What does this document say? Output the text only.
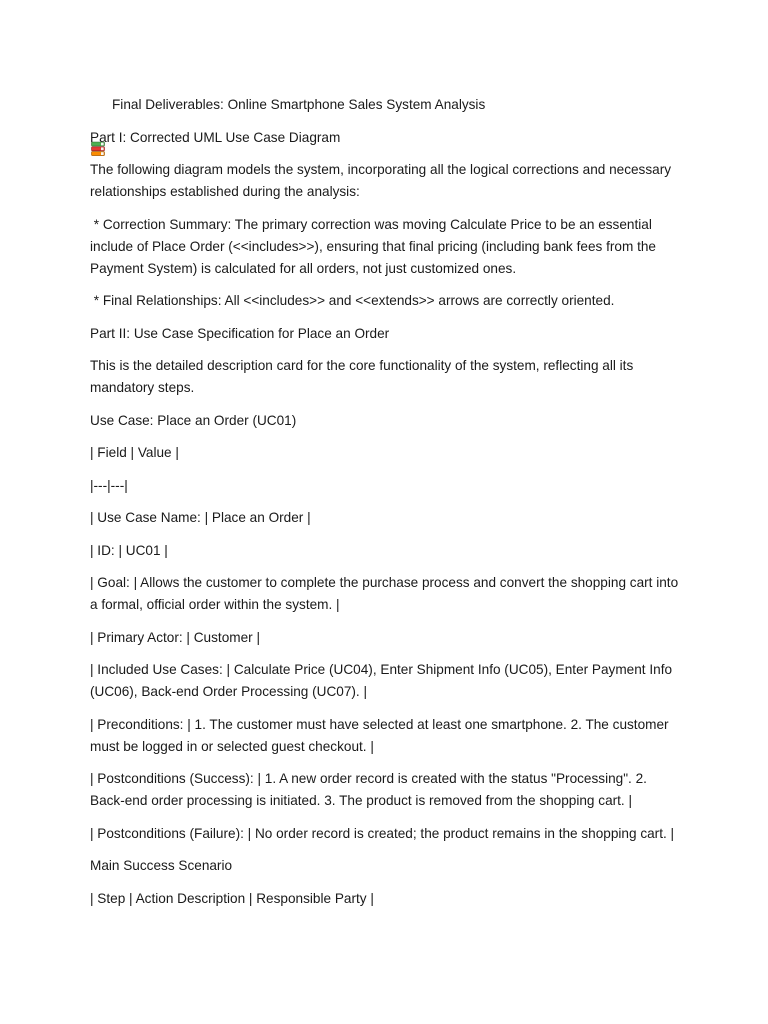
Final Deliverables: Online Smartphone Sales System Analysis

Part I: Corrected UML Use Case Diagram

The following diagram models the system, incorporating all the logical corrections and necessary relationships established during the analysis:

* Correction Summary: The primary correction was moving Calculate Price to be an essential include of Place Order (<<includes>>), ensuring that final pricing (including bank fees from the Payment System) is calculated for all orders, not just customized ones.

* Final Relationships: All <<includes>> and <<extends>> arrows are correctly oriented.

Part II: Use Case Specification for Place an Order

This is the detailed description card for the core functionality of the system, reflecting all its mandatory steps.

Use Case: Place an Order (UC01)

| Field | Value |

|---|---|

| Use Case Name: | Place an Order |

| ID: | UC01 |

| Goal: | Allows the customer to complete the purchase process and convert the shopping cart into a formal, official order within the system. |

| Primary Actor: | Customer |

| Included Use Cases: | Calculate Price (UC04), Enter Shipment Info (UC05), Enter Payment Info (UC06), Back-end Order Processing (UC07). |

| Preconditions: | 1. The customer must have selected at least one smartphone. 2. The customer must be logged in or selected guest checkout. |

| Postconditions (Success): | 1. A new order record is created with the status "Processing". 2. Back-end order processing is initiated. 3. The product is removed from the shopping cart. |

| Postconditions (Failure): | No order record is created; the product remains in the shopping cart. |

Main Success Scenario

| Step | Action Description | Responsible Party |
